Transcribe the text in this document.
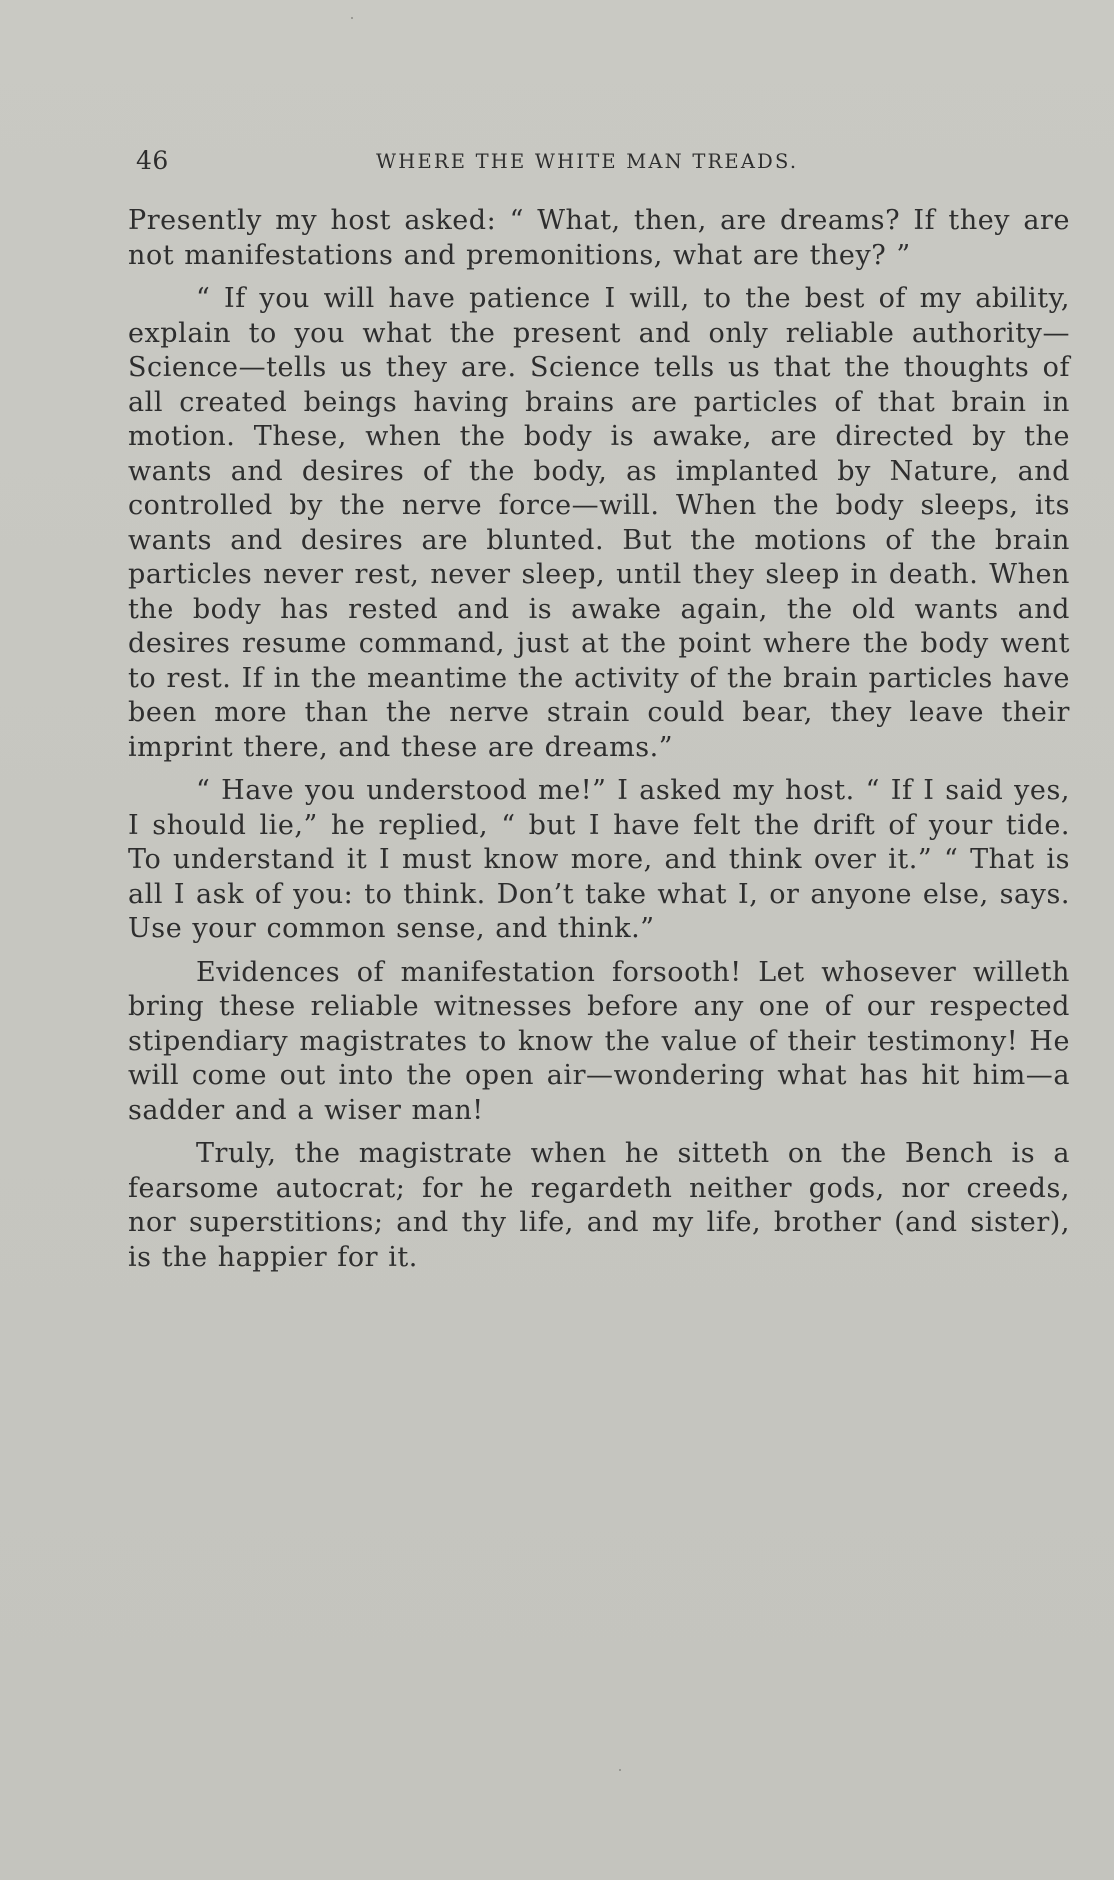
46	WHERE THE WHITE MAN TREADS.

Presently my host asked: “ What, then, are dreams? If they are not manifestations and premonitions, what are they? ”

“ If you will have patience I will, to the best of my ability, explain to you what the present and only reliable authority— Science—tells us they are. Science tells us that the thoughts of all created beings having brains are particles of that brain in motion. These, when the body is awake, are directed by the wants and desires of the body, as implanted by Nature, and controlled by the nerve force—will. When the body sleeps, its wants and desires are blunted. But the motions of the brain particles never rest, never sleep, until they sleep in death. When the body has rested and is awake again, the old wants and desires resume command, just at the point where the body went to rest. If in the meantime the activity of the brain particles have been more than the nerve strain could bear, they leave their imprint there, and these are dreams.”

“ Have you understood me!” I asked my host. “ If I said yes, I should lie,” he replied, “ but I have felt the drift of your tide. To understand it I must know more, and think over it.” “ That is all I ask of you: to think. Don’t take what I, or anyone else, says. Use your common sense, and think.”

Evidences of manifestation forsooth! Let whosever willeth bring these reliable witnesses before any one of our respected stipendiary magistrates to know the value of their testimony! He will come out into the open air—wondering what has hit him—a sadder and a wiser man!

Truly, the magistrate when he sitteth on the Bench is a fearsome autocrat; for he regardeth neither gods, nor creeds, nor superstitions; and thy life, and my life, brother (and sister), is the happier for it.
